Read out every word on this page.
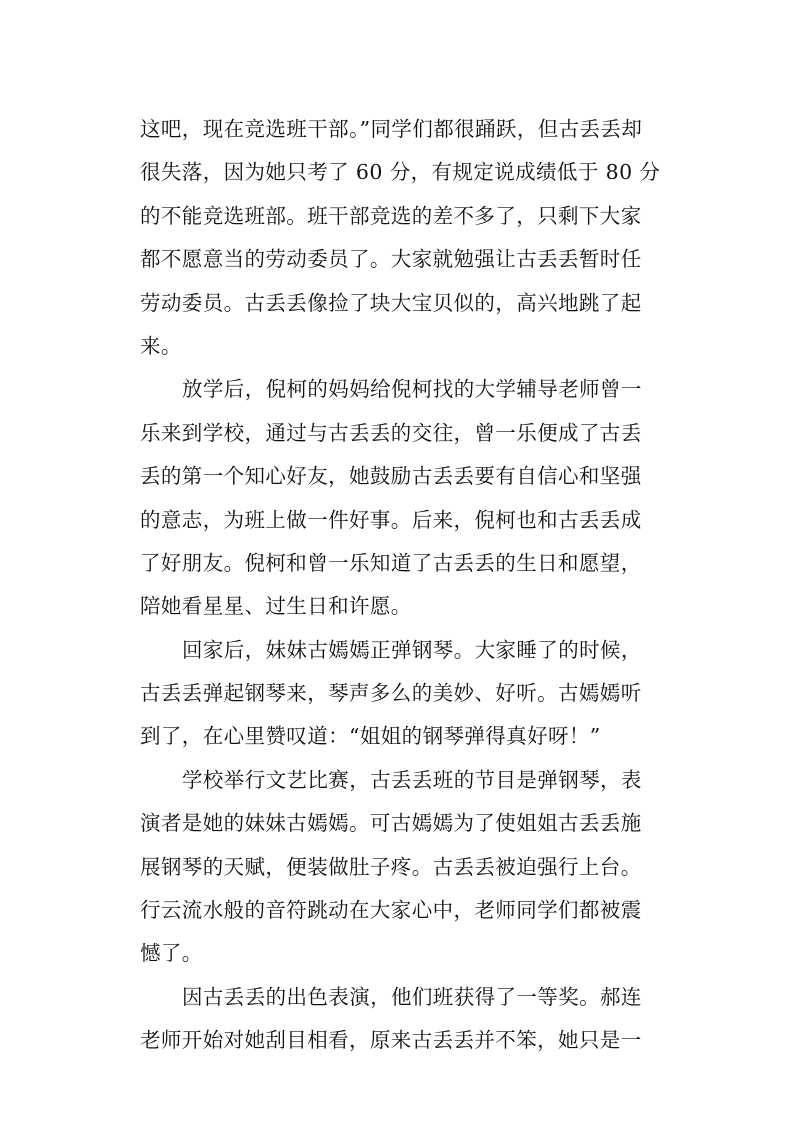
这吧，现在竞选班干部。”同学们都很踊跃，但古丢丢却
很失落，因为她只考了 60 分，有规定说成绩低于 80 分
的不能竞选班部。班干部竞选的差不多了，只剩下大家
都不愿意当的劳动委员了。大家就勉强让古丢丢暂时任
劳动委员。古丢丢像捡了块大宝贝似的，高兴地跳了起
来。
放学后，倪柯的妈妈给倪柯找的大学辅导老师曾一
乐来到学校，通过与古丢丢的交往，曾一乐便成了古丢
丢的第一个知心好友，她鼓励古丢丢要有自信心和坚强
的意志，为班上做一件好事。后来，倪柯也和古丢丢成
了好朋友。倪柯和曾一乐知道了古丢丢的生日和愿望，
陪她看星星、过生日和许愿。
回家后，妹妹古嫣嫣正弹钢琴。大家睡了的时候，
古丢丢弹起钢琴来，琴声多么的美妙、好听。古嫣嫣听
到了，在心里赞叹道：“姐姐的钢琴弹得真好呀！”
学校举行文艺比赛，古丢丢班的节目是弹钢琴，表
演者是她的妹妹古嫣嫣。可古嫣嫣为了使姐姐古丢丢施
展钢琴的天赋，便装做肚子疼。古丢丢被迫强行上台。
行云流水般的音符跳动在大家心中，老师同学们都被震
憾了。
因古丢丢的出色表演，他们班获得了一等奖。郝连
老师开始对她刮目相看，原来古丢丢并不笨，她只是一
